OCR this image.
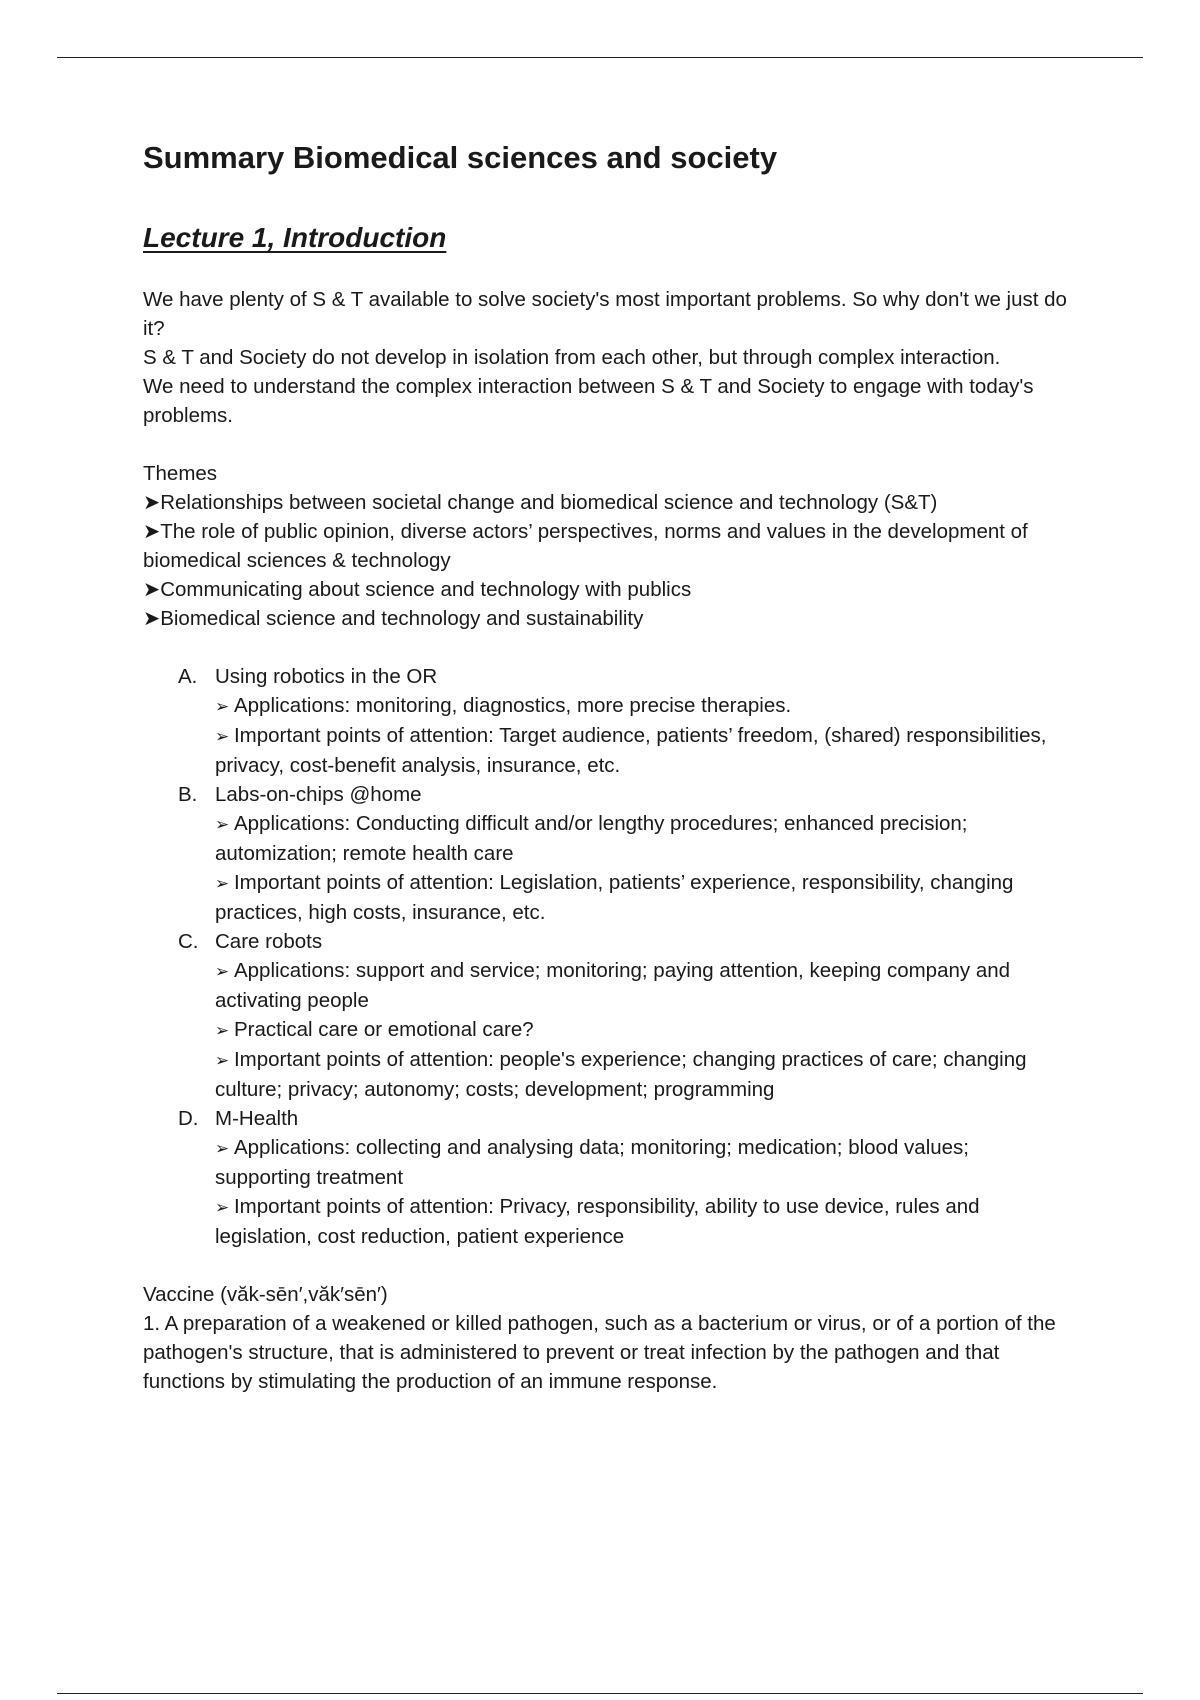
Summary Biomedical sciences and society
Lecture 1, Introduction

We have plenty of S & T available to solve society's most important problems. So why don't we just do it?

S & T and Society do not develop in isolation from each other, but through complex interaction.

We need to understand the complex interaction between S & T and Society to engage with today's problems.

Themes

➤Relationships between societal change and biomedical science and technology (S&T)

➤The role of public opinion, diverse actors’ perspectives, norms and values in the development of biomedical sciences & technology

➤Communicating about science and technology with publics

➤Biomedical science and technology and sustainability

A. Using robotics in the OR

➢ Applications: monitoring, diagnostics, more precise therapies.

➢ Important points of attention: Target audience, patients’ freedom, (shared) responsibilities, privacy, cost-benefit analysis, insurance, etc.

B. Labs-on-chips @home

➢ Applications: Conducting difficult and/or lengthy procedures; enhanced precision; automization; remote health care

➢ Important points of attention: Legislation, patients’ experience, responsibility, changing practices, high costs, insurance, etc.

C. Care robots

➢ Applications: support and service; monitoring; paying attention, keeping company and activating people

➢ Practical care or emotional care?

➢ Important points of attention: people's experience; changing practices of care; changing culture; privacy; autonomy; costs; development; programming

D. M-Health

➢ Applications: collecting and analysing data; monitoring; medication; blood values; supporting treatment

➢ Important points of attention: Privacy, responsibility, ability to use device, rules and legislation, cost reduction, patient experience

Vaccine (văk-sēn′,văk′sēn′)

1. A preparation of a weakened or killed pathogen, such as a bacterium or virus, or of a portion of the pathogen's structure, that is administered to prevent or treat infection by the pathogen and that functions by stimulating the production of an immune response.
